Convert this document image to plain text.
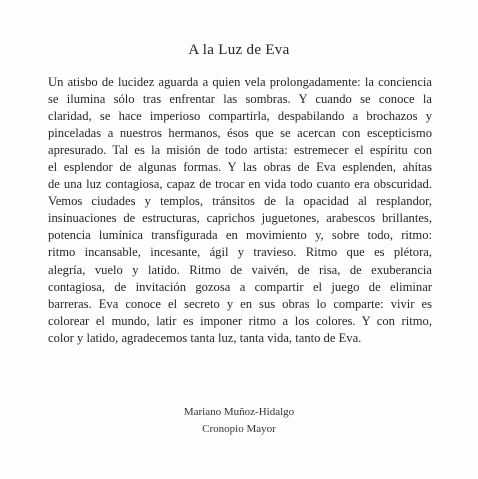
A la Luz de Eva
Un atisbo de lucidez aguarda a quien vela prolongadamente: la conciencia
se ilumina sólo tras enfrentar las sombras. Y cuando se conoce la
claridad, se hace imperioso compartirla, despabilando a brochazos y
pinceladas a nuestros hermanos, ésos que se acercan con escepticismo
apresurado. Tal es la misión de todo artista: estremecer el espíritu con
el esplendor de algunas formas. Y las obras de Eva esplenden, ahítas
de una luz contagiosa, capaz de trocar en vida todo cuanto era obscuridad.
Vemos ciudades y templos, tránsitos de la opacidad al resplandor,
insinuaciones de estructuras, caprichos juguetones, arabescos brillantes,
potencia lumínica transfigurada en movimiento y, sobre todo, ritmo:
ritmo incansable, incesante, ágil y travieso. Ritmo que es plétora,
alegría, vuelo y latido. Ritmo de vaivén, de risa, de exuberancia
contagiosa, de invitación gozosa a compartir el juego de eliminar
barreras. Eva conoce el secreto y en sus obras lo comparte: vivir es
colorear el mundo, latir es imponer ritmo a los colores. Y con ritmo,
color y latido, agradecemos tanta luz, tanta vida, tanto de Eva.
Mariano Muñoz-Hidalgo
Cronopio Mayor
